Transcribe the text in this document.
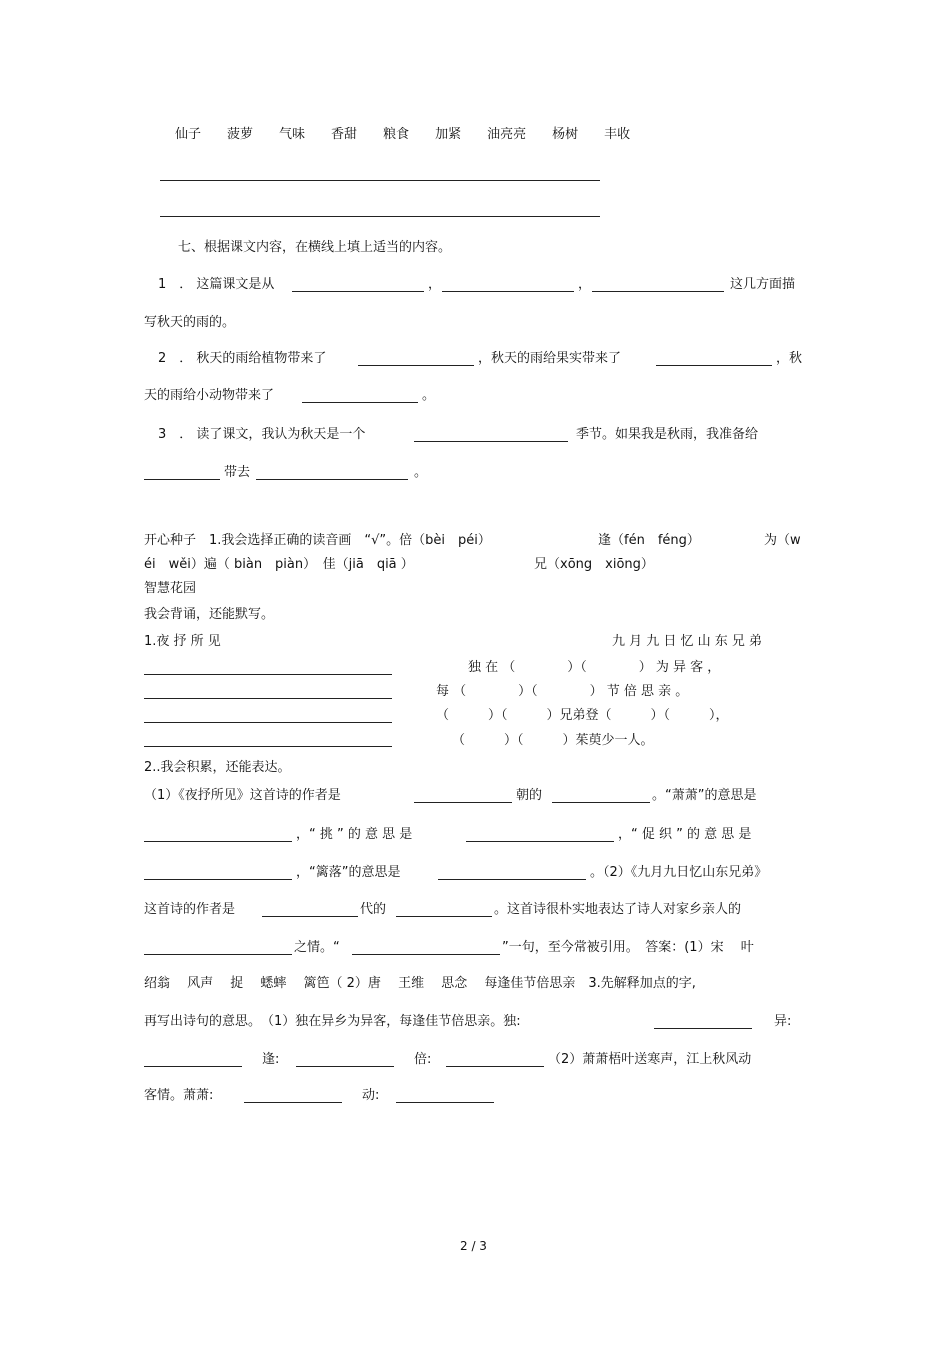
仙子 菠萝 气味 香甜 粮食 加紧 油亮亮 杨树 丰收
七、根据课文内容，在横线上填上适当的内容。
1　． 这篇课文是从	，	，	这几方面描
写秋天的雨的。
2　． 秋天的雨给植物带来了	，秋天的雨给果实带来了	，秋
天的雨给小动物带来了	。
3　． 读了课文，我认为秋天是一个	季节。如果我是秋雨，我准备给
带去	。
开心种子　1.我会选择正确的读音画　“√”。倍（bèi　péi）	逢（fén　féng）	为（w
éi　wěi）遍（ biàn　piàn）　佳（jiā　qiā ）	兄（xōng　xiōng）
智慧花园
我会背诵，还能默写。
1.夜 抒 所 见	九 月 九 日 忆 山 东 兄 弟
独 在 （　　　　）（　　　　） 为 异 客 ，
每 （　　　　）（　　　　） 节 倍 思 亲 。
（　　　）（　　　）兄弟登（　　　）（　　　），
（　　　）（　　　）茱萸少一人。
2..我会积累，还能表达。
（1）《夜抒所见》这首诗的作者是	朝的	。“萧萧”的意思是
，“ 挑 ” 的 意 思 是	，“ 促 织 ” 的 意 思 是
，“篱落”的意思是	。（2）《九月九日忆山东兄弟》
这首诗的作者是	代的	。这首诗很朴实地表达了诗人对家乡亲人的
之情。“	”一句，至今常被引用。　答案：(1）宋　 叶
绍翁　 风声　 捉　 蟋蟀　 篱笆（ 2）唐　 王维　 思念　 每逢佳节倍思亲　3.先解释加点的字,
再写出诗句的意思。　（1）独在异乡为异客，每逢佳节倍思亲。独:	异:
逢:	倍:	（2）萧萧梧叶送寒声，江上秋风动
客情。萧萧:	动:
2 / 3
